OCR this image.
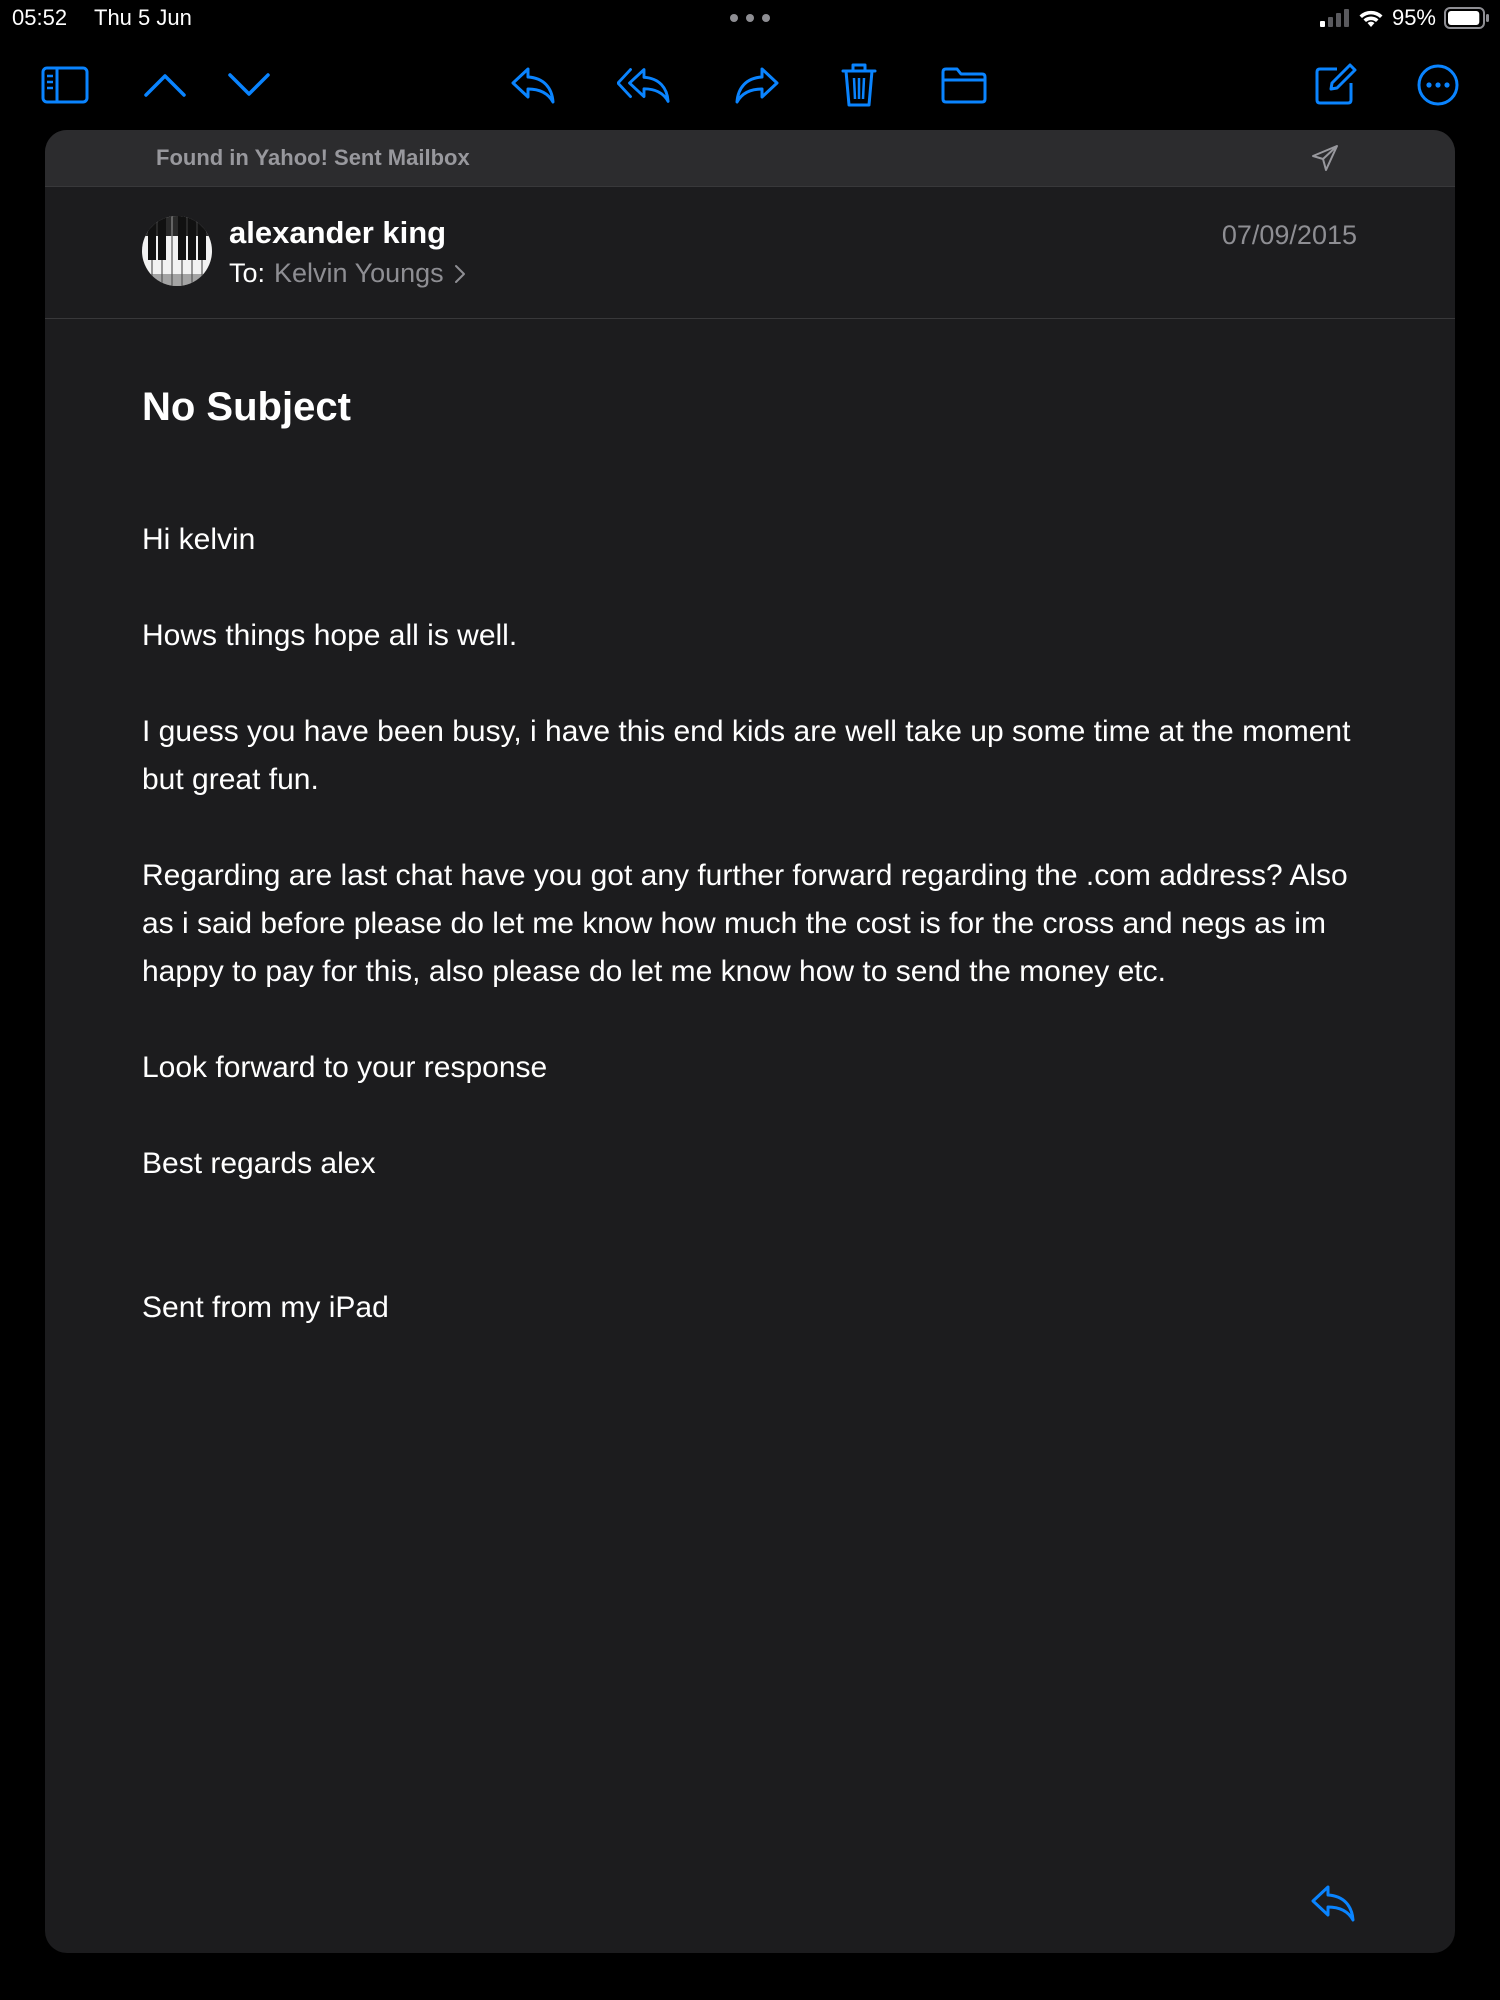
05:52 Thu 5 Jun	95%
Found in Yahoo! Sent Mailbox
alexander king
To: Kelvin Youngs
07/09/2015
No Subject

Hi kelvin

Hows things hope all is well.

I guess you have been busy, i have this end kids are well take up some time at the moment but great fun.

Regarding are last chat have you got any further forward regarding the .com address? Also as i said before please do let me know how much the cost is for the cross and negs as im happy to pay for this, also please do let me know how to send the money etc.

Look forward to your response

Best regards alex

Sent from my iPad
